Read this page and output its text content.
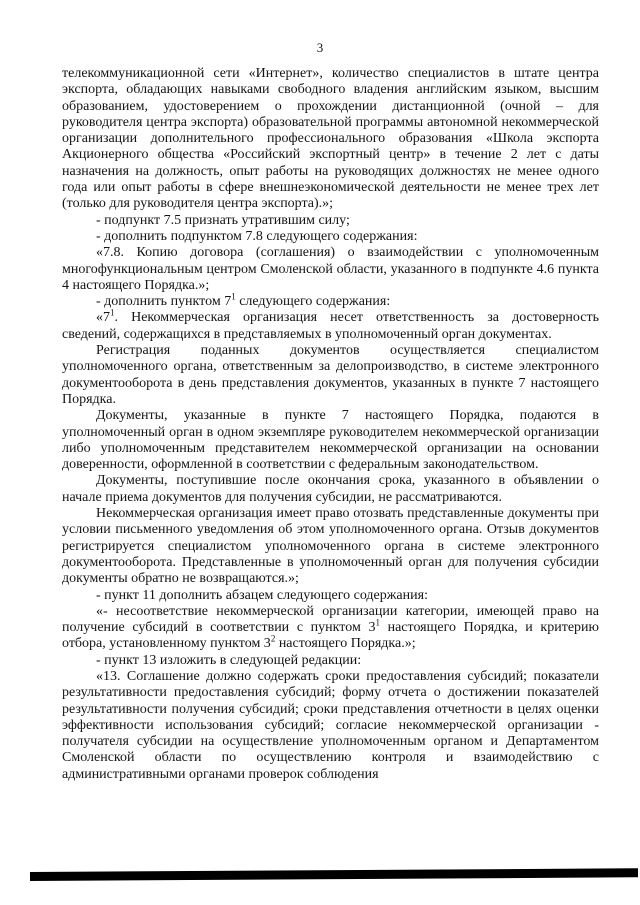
3

телекоммуникационной сети «Интернет», количество специалистов в штате центра экспорта, обладающих навыками свободного владения английским языком, высшим образованием, удостоверением о прохождении дистанционной (очной – для руководителя центра экспорта) образовательной программы автономной некоммерческой организации дополнительного профессионального образования «Школа экспорта Акционерного общества «Российский экспортный центр» в течение 2 лет с даты назначения на должность, опыт работы на руководящих должностях не менее одного года или опыт работы в сфере внешнеэкономической деятельности не менее трех лет (только для руководителя центра экспорта).»;

- подпункт 7.5 признать утратившим силу;

- дополнить подпунктом 7.8 следующего содержания:

«7.8. Копию договора (соглашения) о взаимодействии с уполномоченным многофункциональным центром Смоленской области, указанного в подпункте 4.6 пункта 4 настоящего Порядка.»;

- дополнить пунктом $7^1$ следующего содержания:

«$7^1$. Некоммерческая организация несет ответственность за достоверность сведений, содержащихся в представляемых в уполномоченный орган документах.

Регистрация поданных документов осуществляется специалистом уполномоченного органа, ответственным за делопроизводство, в системе электронного документооборота в день представления документов, указанных в пункте 7 настоящего Порядка.

Документы, указанные в пункте 7 настоящего Порядка, подаются в уполномоченный орган в одном экземпляре руководителем некоммерческой организации либо уполномоченным представителем некоммерческой организации на основании доверенности, оформленной в соответствии с федеральным законодательством.

Документы, поступившие после окончания срока, указанного в объявлении о начале приема документов для получения субсидии, не рассматриваются.

Некоммерческая организация имеет право отозвать представленные документы при условии письменного уведомления об этом уполномоченного органа. Отзыв документов регистрируется специалистом уполномоченного органа в системе электронного документооборота. Представленные в уполномоченный орган для получения субсидии документы обратно не возвращаются.»;

- пункт 11 дополнить абзацем следующего содержания:

«- несоответствие некоммерческой организации категории, имеющей право на получение субсидий в соответствии с пунктом $3^1$ настоящего Порядка, и критерию отбора, установленному пунктом $3^2$ настоящего Порядка.»;

- пункт 13 изложить в следующей редакции:

«13. Соглашение должно содержать сроки предоставления субсидий; показатели результативности предоставления субсидий; форму отчета о достижении показателей результативности получения субсидий; сроки представления отчетности в целях оценки эффективности использования субсидий; согласие некоммерческой организации - получателя субсидии на осуществление уполномоченным органом и Департаментом Смоленской области по осуществлению контроля и взаимодействию с административными органами проверок соблюдения
